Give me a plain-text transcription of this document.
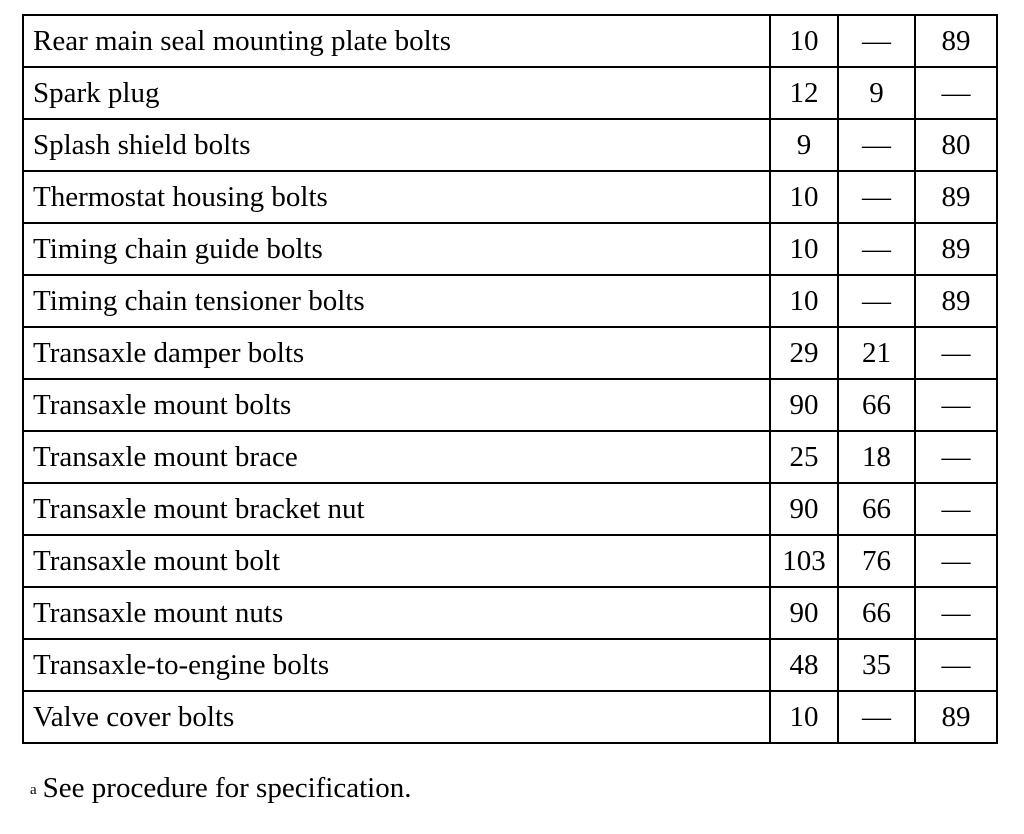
Rear main seal mounting plate bolts	10	—	89
Spark plug	12	9	—
Splash shield bolts	9	—	80
Thermostat housing bolts	10	—	89
Timing chain guide bolts	10	—	89
Timing chain tensioner bolts	10	—	89
Transaxle damper bolts	29	21	—
Transaxle mount bolts	90	66	—
Transaxle mount brace	25	18	—
Transaxle mount bracket nut	90	66	—
Transaxle mount bolt	103	76	—
Transaxle mount nuts	90	66	—
Transaxle-to-engine bolts	48	35	—
Valve cover bolts	10	—	89
$^a$ See procedure for specification.
